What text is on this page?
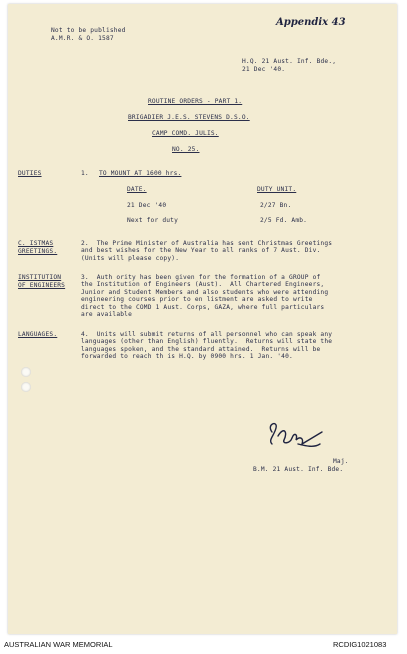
Not to be published
A.M.R. & O. 1587
Appendix 43
H.Q. 21 Aust. Inf. Bde.,
21 Dec '40.
ROUTINE ORDERS - PART 1.
BRIGADIER J.E.S. STEVENS D.S.O.
CAMP COMD. JULIS.
NO. 25.
DUTIES	1. TO MOUNT AT 1600 hrs.
DATE.	DUTY UNIT.
21 Dec '40	2/27 Bn.
Next for duty	2/5 Fd. Amb.
C. ISTMAS
GREETINGS.
2.  The Prime Minister of Australia has sent Christmas Greetings
and best wishes for the New Year to all ranks of 7 Aust. Div.
(Units will please copy).
INSTITUTION
OF ENGINEERS
3.  Auth ority has been given for the formation of a GROUP of
the Institution of Engineers (Aust).  All Chartered Engineers,
Junior and Student Members and also students who were attending
engineering courses prior to en listment are asked to write
direct to the COMD 1 Aust. Corps, GAZA, where full particulars
are available
LANGUAGES.	4.  Units will submit returns of all personnel who can speak any
languages (other than English) fluently.  Returns will state the
languages spoken, and the standard attained.  Returns will be
forwarded to reach th is H.Q. by 0900 hrs. 1 Jan. '40.
Maj.
B.M. 21 Aust. Inf. Bde.
AUSTRALIAN WAR MEMORIAL	RCDIG1021083
